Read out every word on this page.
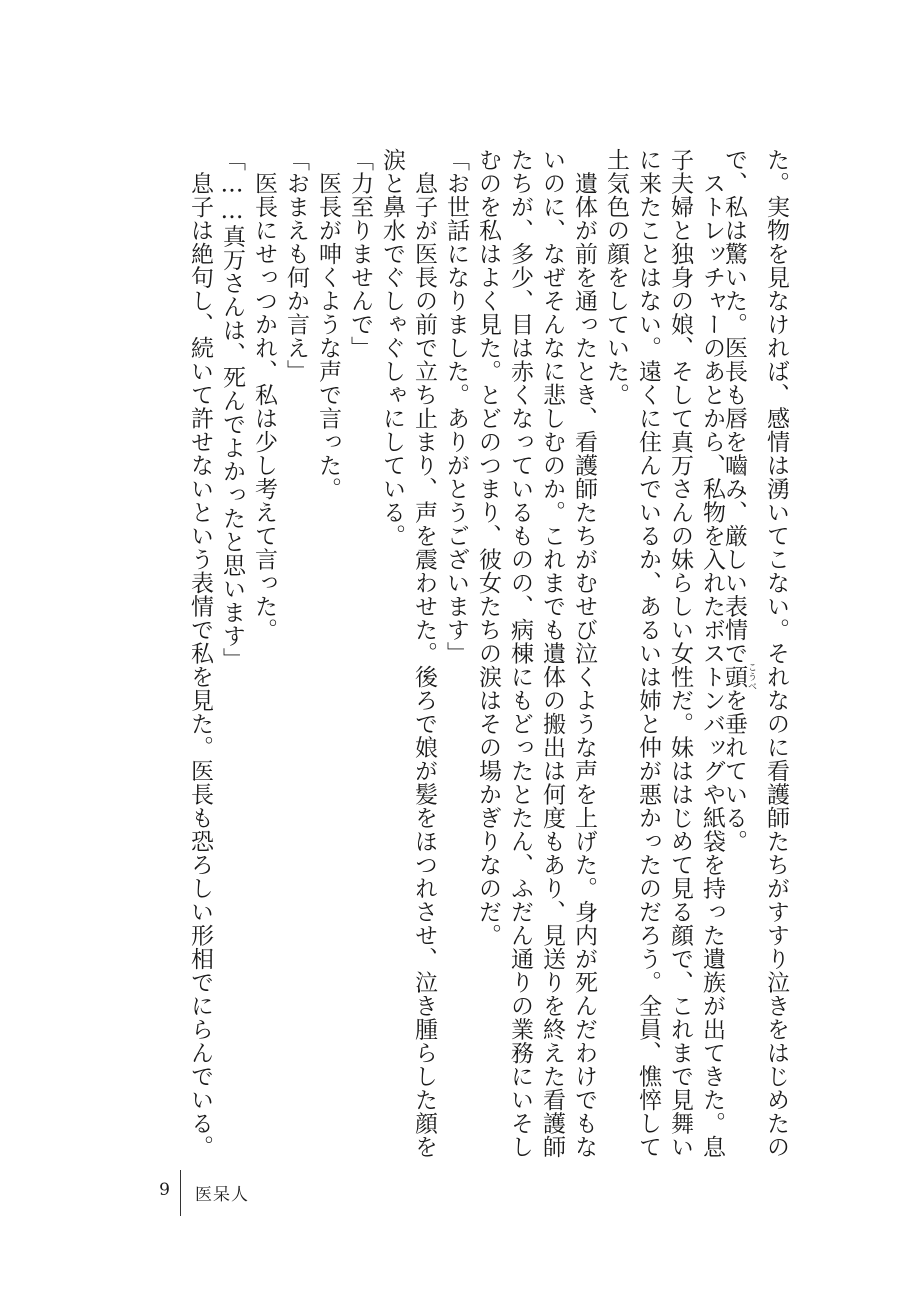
た。実物を見なければ、感情は湧いてこない。それなのに看護師たちがすすり泣きをはじめたの
で、私は驚いた。医長も唇を嚙み、厳しい表情で頭 こうべを垂れている。
　ストレッチャーのあとから、私物を入れたボストンバッグや紙袋を持った遺族が出てきた。息
子夫婦と独身の娘、そして真万さんの妹らしい女性だ。妹ははじめて見る顔で、これまで見舞い
に来たことはない。遠くに住んでいるか、あるいは姉と仲が悪かったのだろう。全員、憔悴して
土気色の顔をしていた。
　遺体が前を通ったとき、看護師たちがむせび泣くような声を上げた。身内が死んだわけでもな
いのに、なぜそんなに悲しむのか。これまでも遺体の搬出は何度もあり、見送りを終えた看護師
たちが、多少、目は赤くなっているものの、病棟にもどったとたん、ふだん通りの業務にいそし
むのを私はよく見た。とどのつまり、彼女たちの涙はその場かぎりなのだ。
「お世話になりました。ありがとうございます」
　息子が医長の前で立ち止まり、声を震わせた。後ろで娘が髪をほつれさせ、泣き腫らした顔を
涙と鼻水でぐしゃぐしゃにしている。
「力至りませんで」
　医長が呻くような声で言った。
「おまえも何か言え」
　医長にせっつかれ、私は少し考えて言った。
「……真万さんは、死んでよかったと思います」
　息子は絶句し、続いて許せないという表情で私を見た。医長も恐ろしい形相でにらんでいる。
9 医呆人
